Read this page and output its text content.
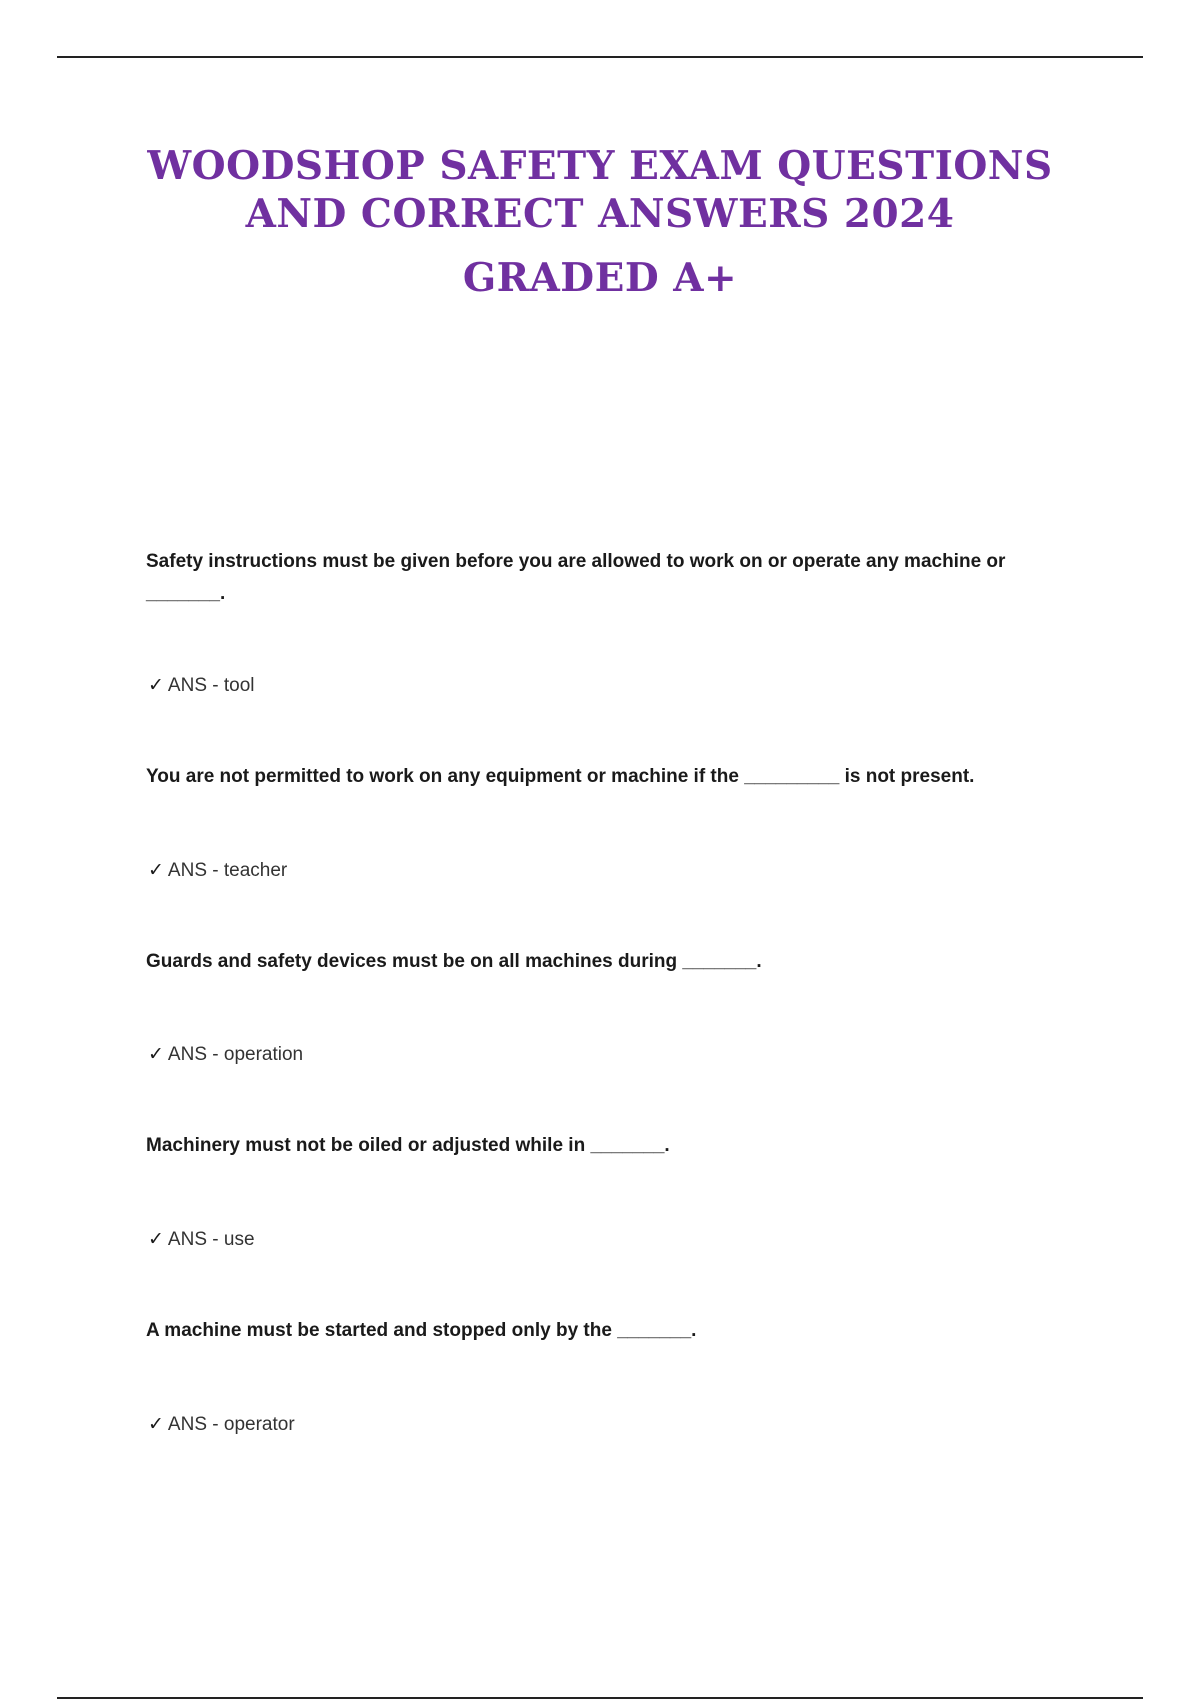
WOODSHOP SAFETY EXAM QUESTIONS
AND CORRECT ANSWERS 2024
GRADED A+
Safety instructions must be given before you are allowed to work on or operate any machine or _______.
✓ ANS - tool
You are not permitted to work on any equipment or machine if the _________ is not present.
✓ ANS - teacher
Guards and safety devices must be on all machines during _______.
✓ ANS - operation
Machinery must not be oiled or adjusted while in _______.
✓ ANS - use
A machine must be started and stopped only by the _______.
✓ ANS - operator
